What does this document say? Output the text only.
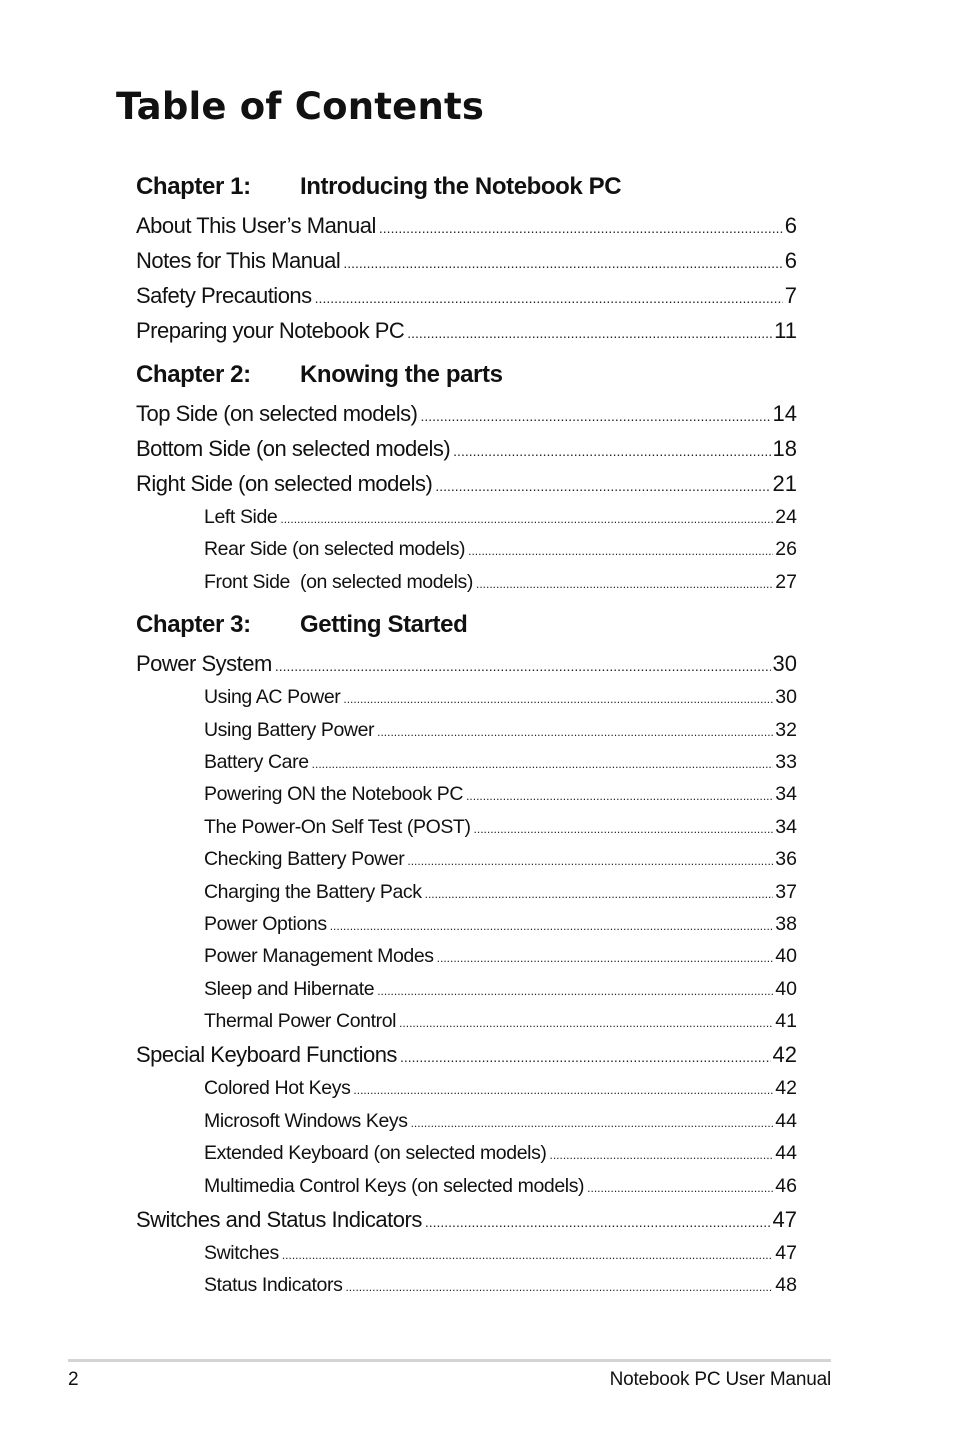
Table of Contents
Chapter 1:	Introducing the Notebook PC
About This User’s Manual .....	6
Notes for This Manual .....	6
Safety Precautions .....	7
Preparing your Notebook PC .....	11
Chapter 2:	Knowing the parts
Top Side (on selected models) .....	14
Bottom Side (on selected models) .....	18
Right Side (on selected models) .....	21
Left Side .....	24
Rear Side (on selected models) .....	26
Front Side  (on selected models) .....	27
Chapter 3:	Getting Started
Power System .....	30
Using AC Power .....	30
Using Battery Power .....	32
Battery Care .....	33
Powering ON the Notebook PC .....	34
The Power-On Self Test (POST) .....	34
Checking Battery Power .....	36
Charging the Battery Pack .....	37
Power Options .....	38
Power Management Modes .....	40
Sleep and Hibernate .....	40
Thermal Power Control .....	41
Special Keyboard Functions .....	42
Colored Hot Keys .....	42
Microsoft Windows Keys .....	44
Extended Keyboard (on selected models) .....	44
Multimedia Control Keys (on selected models) .....	46
Switches and Status Indicators .....	47
Switches .....	47
Status Indicators .....	48
2	Notebook PC User Manual
